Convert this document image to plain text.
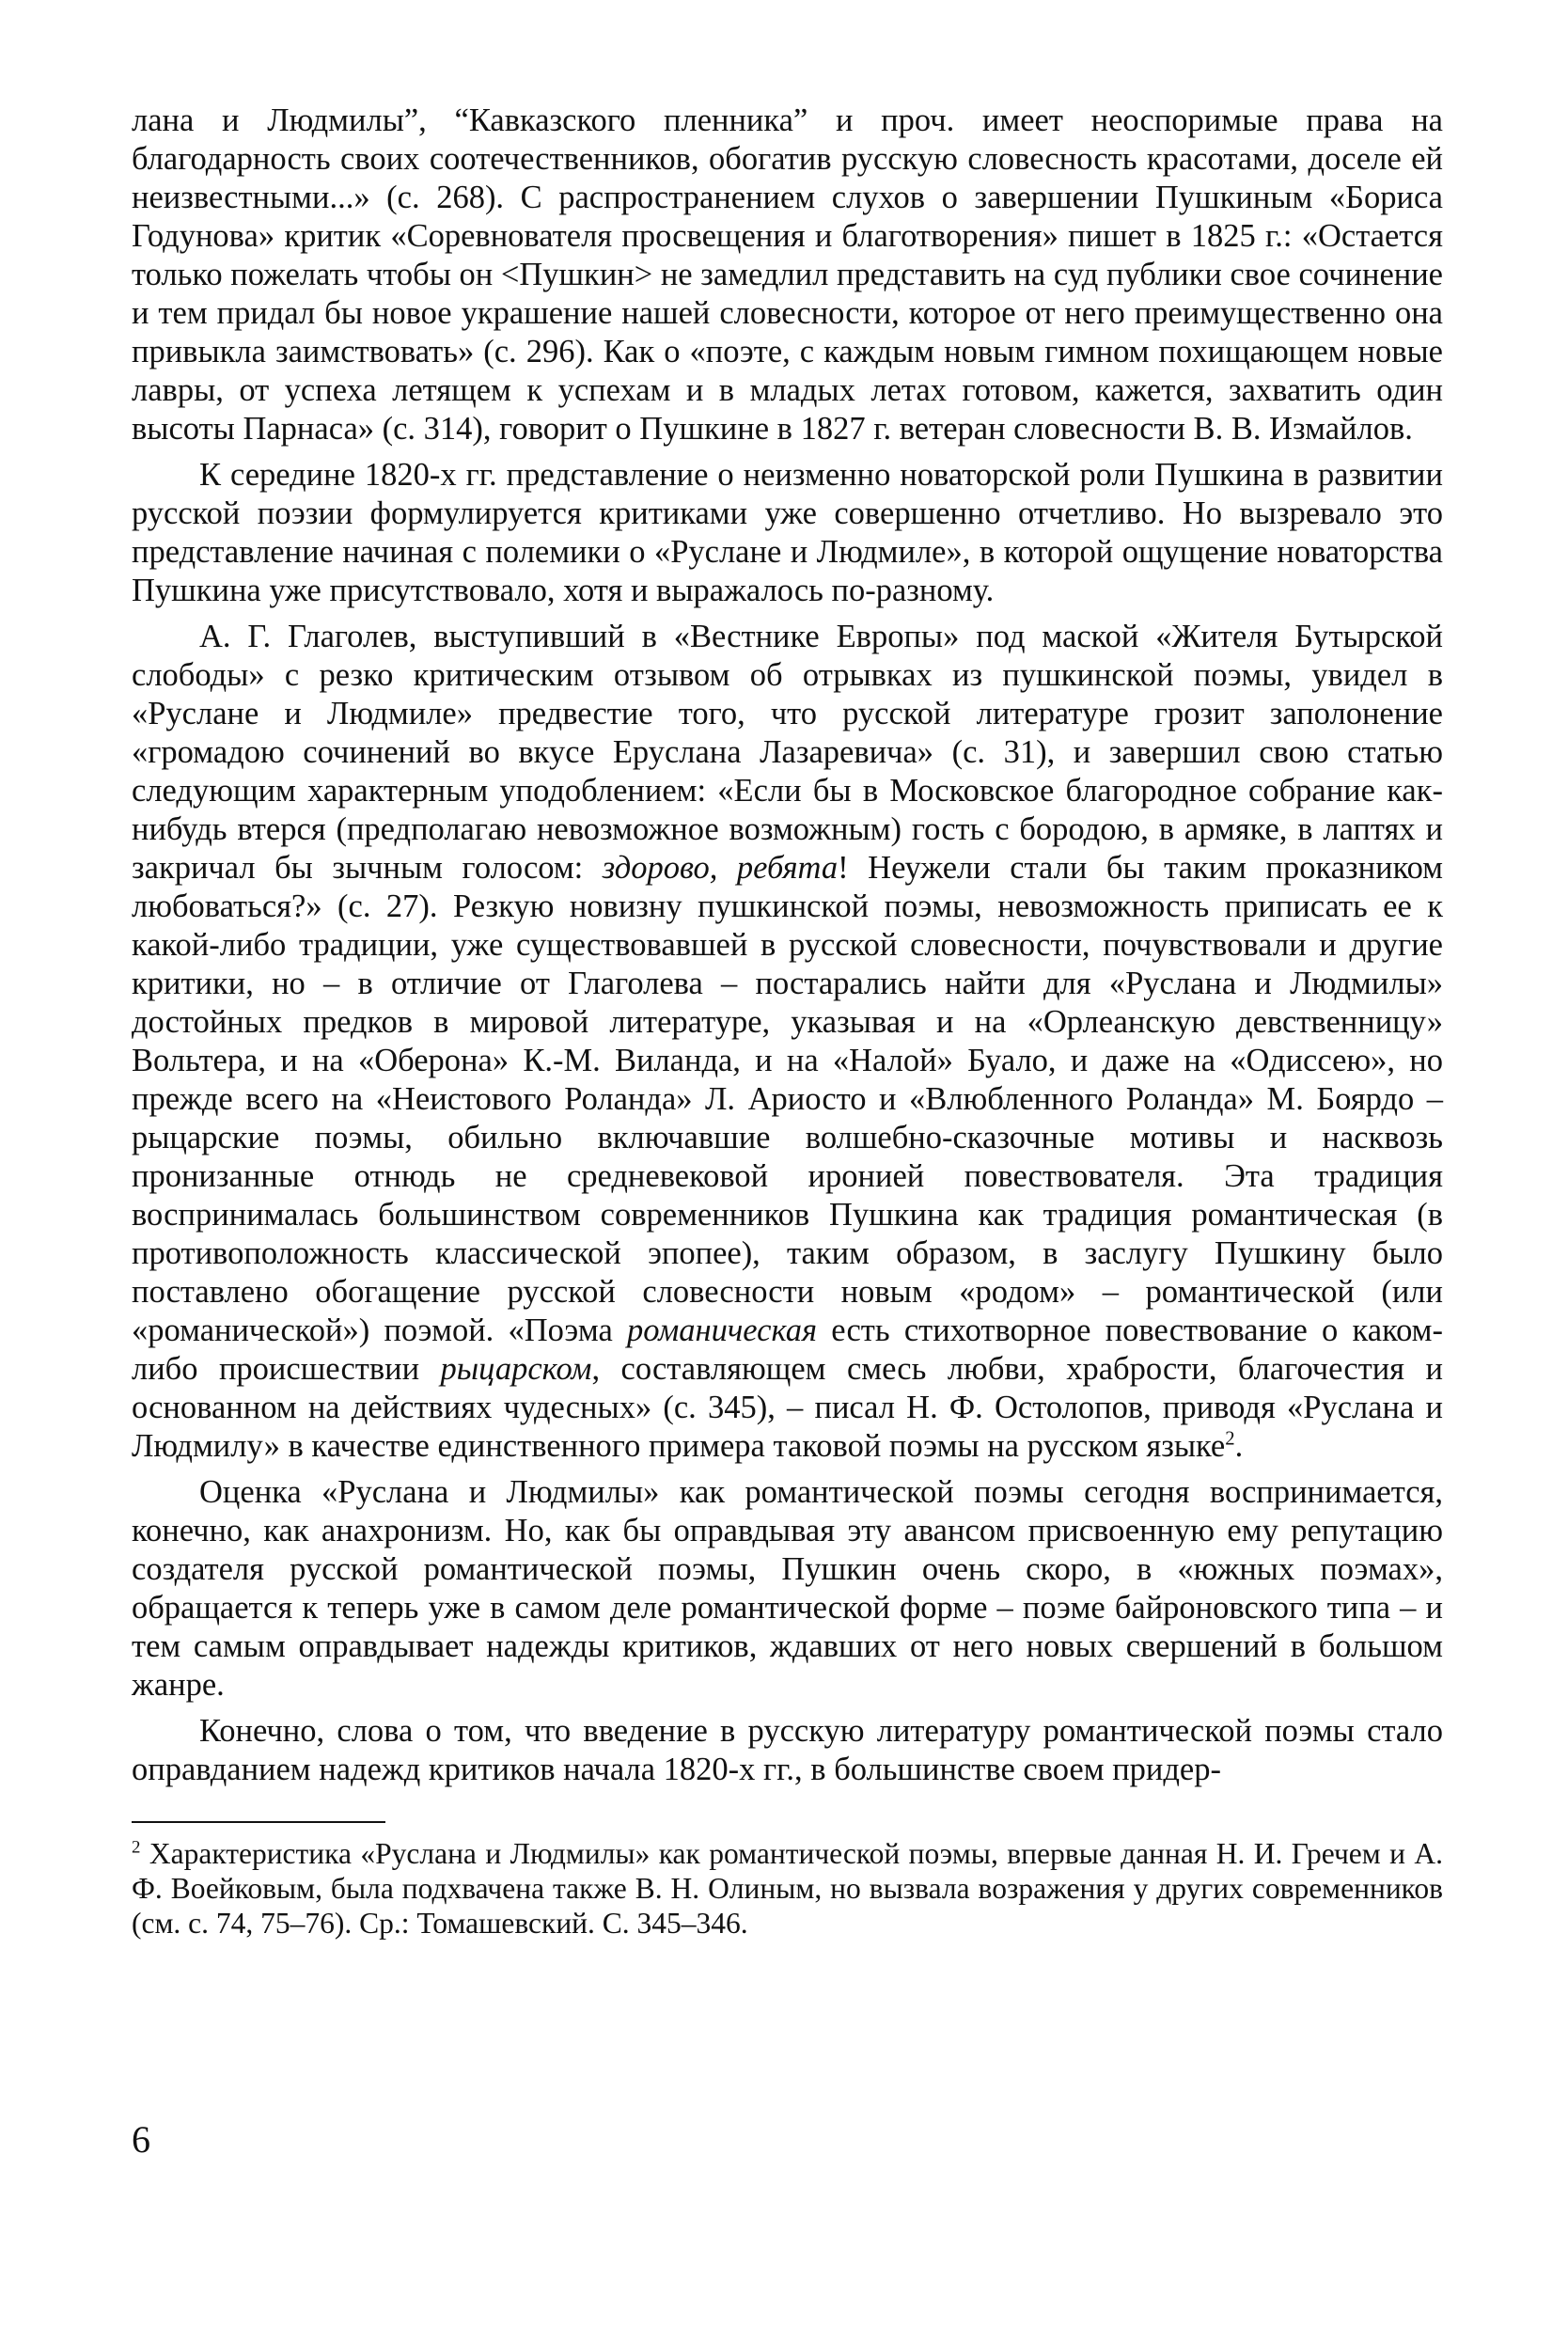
лана и Людмилы”, “Кавказского пленника” и проч. имеет неоспоримые права на благодарность своих соотечественников, обогатив русскую словесность красотами, доселе ей неизвестными...» (с. 268). С распространением слухов о завершении Пушкиным «Бориса Годунова» критик «Соревнователя просвещения и благотворения» пишет в 1825 г.: «Остается только пожелать чтобы он <Пушкин> не замедлил представить на суд публики свое сочинение и тем придал бы новое украшение нашей словесности, которое от него преимущественно она привыкла заимствовать» (с. 296). Как о «поэте, с каждым новым гимном похищающем новые лавры, от успеха летящем к успехам и в младых летах готовом, кажется, захватить один высоты Парнаса» (с. 314), говорит о Пушкине в 1827 г. ветеран словесности В. В. Измайлов.

К середине 1820-х гг. представление о неизменно новаторской роли Пушкина в развитии русской поэзии формулируется критиками уже совершенно отчетливо. Но вызревало это представление начиная с полемики о «Руслане и Людмиле», в которой ощущение новаторства Пушкина уже присутствовало, хотя и выражалось по-разному.

А. Г. Глаголев, выступивший в «Вестнике Европы» под маской «Жителя Бутырской слободы» с резко критическим отзывом об отрывках из пушкинской поэмы, увидел в «Руслане и Людмиле» предвестие того, что русской литературе грозит заполонение «громадою сочинений во вкусе Еруслана Лазаревича» (с. 31), и завершил свою статью следующим характерным уподоблением: «Если бы в Московское благородное собрание как-нибудь втерся (предполагаю невозможное возможным) гость с бородою, в армяке, в лаптях и закричал бы зычным голосом: здорово, ребята! Неужели стали бы таким проказником любоваться?» (с. 27). Резкую новизну пушкинской поэмы, невозможность приписать ее к какой-либо традиции, уже существовавшей в русской словесности, почувствовали и другие критики, но – в отличие от Глаголева – постарались найти для «Руслана и Людмилы» достойных предков в мировой литературе, указывая и на «Орлеанскую девственницу» Вольтера, и на «Оберона» К.-М. Виланда, и на «Налой» Буало, и даже на «Одиссею», но прежде всего на «Неистового Роланда» Л. Ариосто и «Влюбленного Роланда» М. Боярдо – рыцарские поэмы, обильно включавшие волшебно-сказочные мотивы и насквозь пронизанные отнюдь не средневековой иронией повествователя. Эта традиция воспринималась большинством современников Пушкина как традиция романтическая (в противоположность классической эпопее), таким образом, в заслугу Пушкину было поставлено обогащение русской словесности новым «родом» – романтической (или «романической») поэмой. «Поэма романическая есть стихотворное повествование о каком-либо происшествии рыцарском, составляющем смесь любви, храбрости, благочестия и основанном на действиях чудесных» (с. 345), – писал Н. Ф. Остолопов, приводя «Руслана и Людмилу» в качестве единственного примера таковой поэмы на русском языке$^2$.

Оценка «Руслана и Людмилы» как романтической поэмы сегодня воспринимается, конечно, как анахронизм. Но, как бы оправдывая эту авансом присвоенную ему репутацию создателя русской романтической поэмы, Пушкин очень скоро, в «южных поэмах», обращается к теперь уже в самом деле романтической форме – поэме байроновского типа – и тем самым оправдывает надежды критиков, ждавших от него новых свершений в большом жанре.

Конечно, слова о том, что введение в русскую литературу романтической поэмы стало оправданием надежд критиков начала 1820-х гг., в большинстве своем придер-

$^2$ Характеристика «Руслана и Людмилы» как романтической поэмы, впервые данная Н. И. Гречем и А. Ф. Воейковым, была подхвачена также В. Н. Олиным, но вызвала возражения у других современников (см. с. 74, 75–76). Ср.: Томашевский. С. 345–346.

6
